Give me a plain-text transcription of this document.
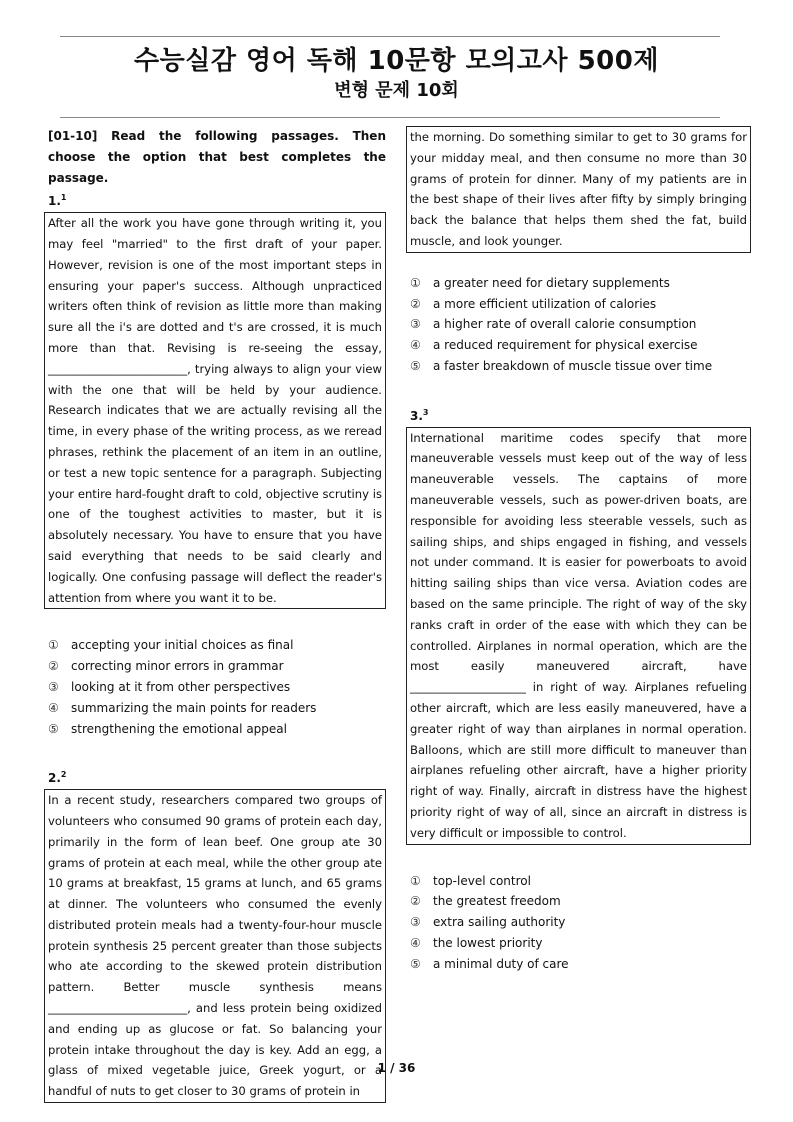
수능실감 영어 독해 10문항 모의고사 500제
변형 문제 10회

[01-10] Read the following passages. Then choose the option that best completes the passage.

1.$^1$
After all the work you have gone through writing it, you may feel "married" to the first draft of your paper. However, revision is one of the most important steps in ensuring your paper's success. Although unpracticed writers often think of revision as little more than making sure all the i's are dotted and t's are crossed, it is much more than that. Revising is re-seeing the essay, ________________________, trying always to align your view with the one that will be held by your audience. Research indicates that we are actually revising all the time, in every phase of the writing process, as we reread phrases, rethink the placement of an item in an outline, or test a new topic sentence for a paragraph. Subjecting your entire hard-fought draft to cold, objective scrutiny is one of the toughest activities to master, but it is absolutely necessary. You have to ensure that you have said everything that needs to be said clearly and logically. One confusing passage will deflect the reader's attention from where you want it to be.
①	accepting your initial choices as final
②	correcting minor errors in grammar
③	looking at it from other perspectives
④	summarizing the main points for readers
⑤	strengthening the emotional appeal
2.$^2$
In a recent study, researchers compared two groups of volunteers who consumed 90 grams of protein each day, primarily in the form of lean beef. One group ate 30 grams of protein at each meal, while the other group ate 10 grams at breakfast, 15 grams at lunch, and 65 grams at dinner. The volunteers who consumed the evenly distributed protein meals had a twenty-four-hour muscle protein synthesis 25 percent greater than those subjects who ate according to the skewed protein distribution pattern. Better muscle synthesis means ________________________, and less protein being oxidized and ending up as glucose or fat. So balancing your protein intake throughout the day is key. Add an egg, a glass of mixed vegetable juice, Greek yogurt, or a handful of nuts to get closer to 30 grams of protein in
the morning. Do something similar to get to 30 grams for your midday meal, and then consume no more than 30 grams of protein for dinner. Many of my patients are in the best shape of their lives after fifty by simply bringing back the balance that helps them shed the fat, build muscle, and look younger.
①	a greater need for dietary supplements
②	a more efficient utilization of calories
③	a higher rate of overall calorie consumption
④	a reduced requirement for physical exercise
⑤	a faster breakdown of muscle tissue over time
3.$^3$
International maritime codes specify that more maneuverable vessels must keep out of the way of less maneuverable vessels. The captains of more maneuverable vessels, such as power-driven boats, are responsible for avoiding less steerable vessels, such as sailing ships, and ships engaged in fishing, and vessels not under command. It is easier for powerboats to avoid hitting sailing ships than vice versa. Aviation codes are based on the same principle. The right of way of the sky ranks craft in order of the ease with which they can be controlled. Airplanes in normal operation, which are the most easily maneuvered aircraft, have ____________________ in right of way. Airplanes refueling other aircraft, which are less easily maneuvered, have a greater right of way than airplanes in normal operation. Balloons, which are still more difficult to maneuver than airplanes refueling other aircraft, have a higher priority right of way. Finally, aircraft in distress have the highest priority right of way of all, since an aircraft in distress is very difficult or impossible to control.
①	top-level control
②	the greatest freedom
③	extra sailing authority
④	the lowest priority
⑤	a minimal duty of care
1 / 36
